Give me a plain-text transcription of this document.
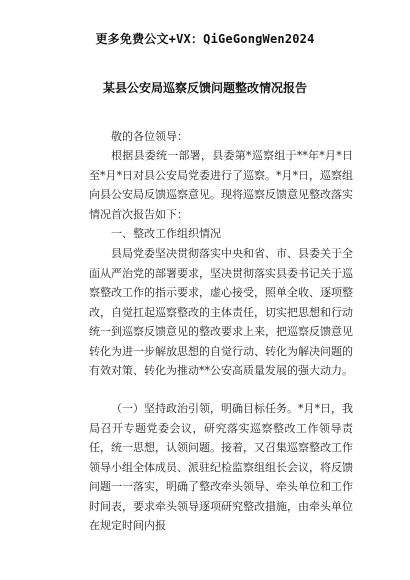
更多免费公文+VX：QiGeGongWen2024
某县公安局巡察反馈问题整改情况报告
敬的各位领导：

根据县委统一部署，县委第*巡察组于**年*月*日至*月*日对县公安局党委进行了巡察。*月*日，巡察组向县公安局反馈巡察意见。现将巡察反馈意见整改落实情况首次报告如下：

一、整改工作组织情况

县局党委坚决贯彻落实中央和省、市、县委关于全面从严治党的部署要求，坚决贯彻落实县委书记关于巡察整改工作的指示要求，虚心接受，照单全收、逐项整改，自觉扛起巡察整改的主体责任，切实把思想和行动统一到巡察反馈意见的整改要求上来，把巡察反馈意见转化为进一步解放思想的自觉行动、转化为解决问题的有效对策、转化为推动**公安高质量发展的强大动力。

（一）坚持政治引领，明确目标任务。*月*日，我局召开专题党委会议，研究落实巡察整改工作领导责任，统一思想，认领问题。接着，又召集巡察整改工作领导小组全体成员、派驻纪检监察组组长会议，将反馈问题一一落实，明确了整改牵头领导、牵头单位和工作时间表，要求牵头领导逐项研究整改措施，由牵头单位在规定时间内报
